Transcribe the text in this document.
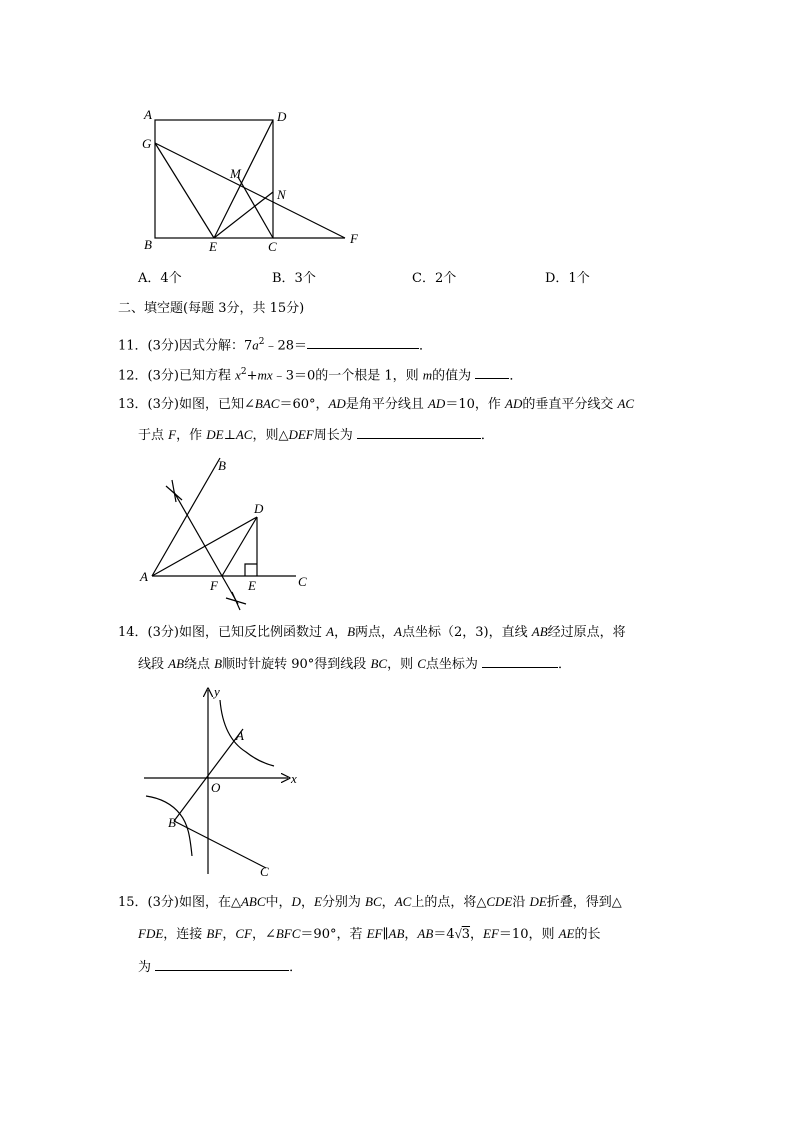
A	D
G
M
N
B	E	C
F
A．4个	B．3个	C．2个	D．1个
二、填空题(每题 3分，共 15分)
11．(3分)因式分解：$7a^2﹣28=$	．
12．(3分)已知方程 $x^2+mx﹣3=0$的一个根是 1，则 m的值为	．
13．(3分)如图，已知∠BAC＝60°，AD是角平分线且 AD＝10，作 AD的垂直平分线交 AC
于点 F，作 DE⊥AC，则△DEF周长为	．
B
D
A
F E	C
14．(3分)如图，已知反比例函数过 A，B两点，A点坐标（2，3)，直线 AB经过原点，将
线段 AB绕点 B顺时针旋转 90°得到线段 BC，则 C点坐标为	．
y
x
O
A
B
C
15．(3分)如图，在△ABC中，D，E分别为 BC，AC上的点，将△CDE沿 DE折叠，得到△
FDE，连接 BF，CF，∠BFC＝90°，若 EF∥AB，AB＝4√3，EF＝10，则 AE的长
为	．
